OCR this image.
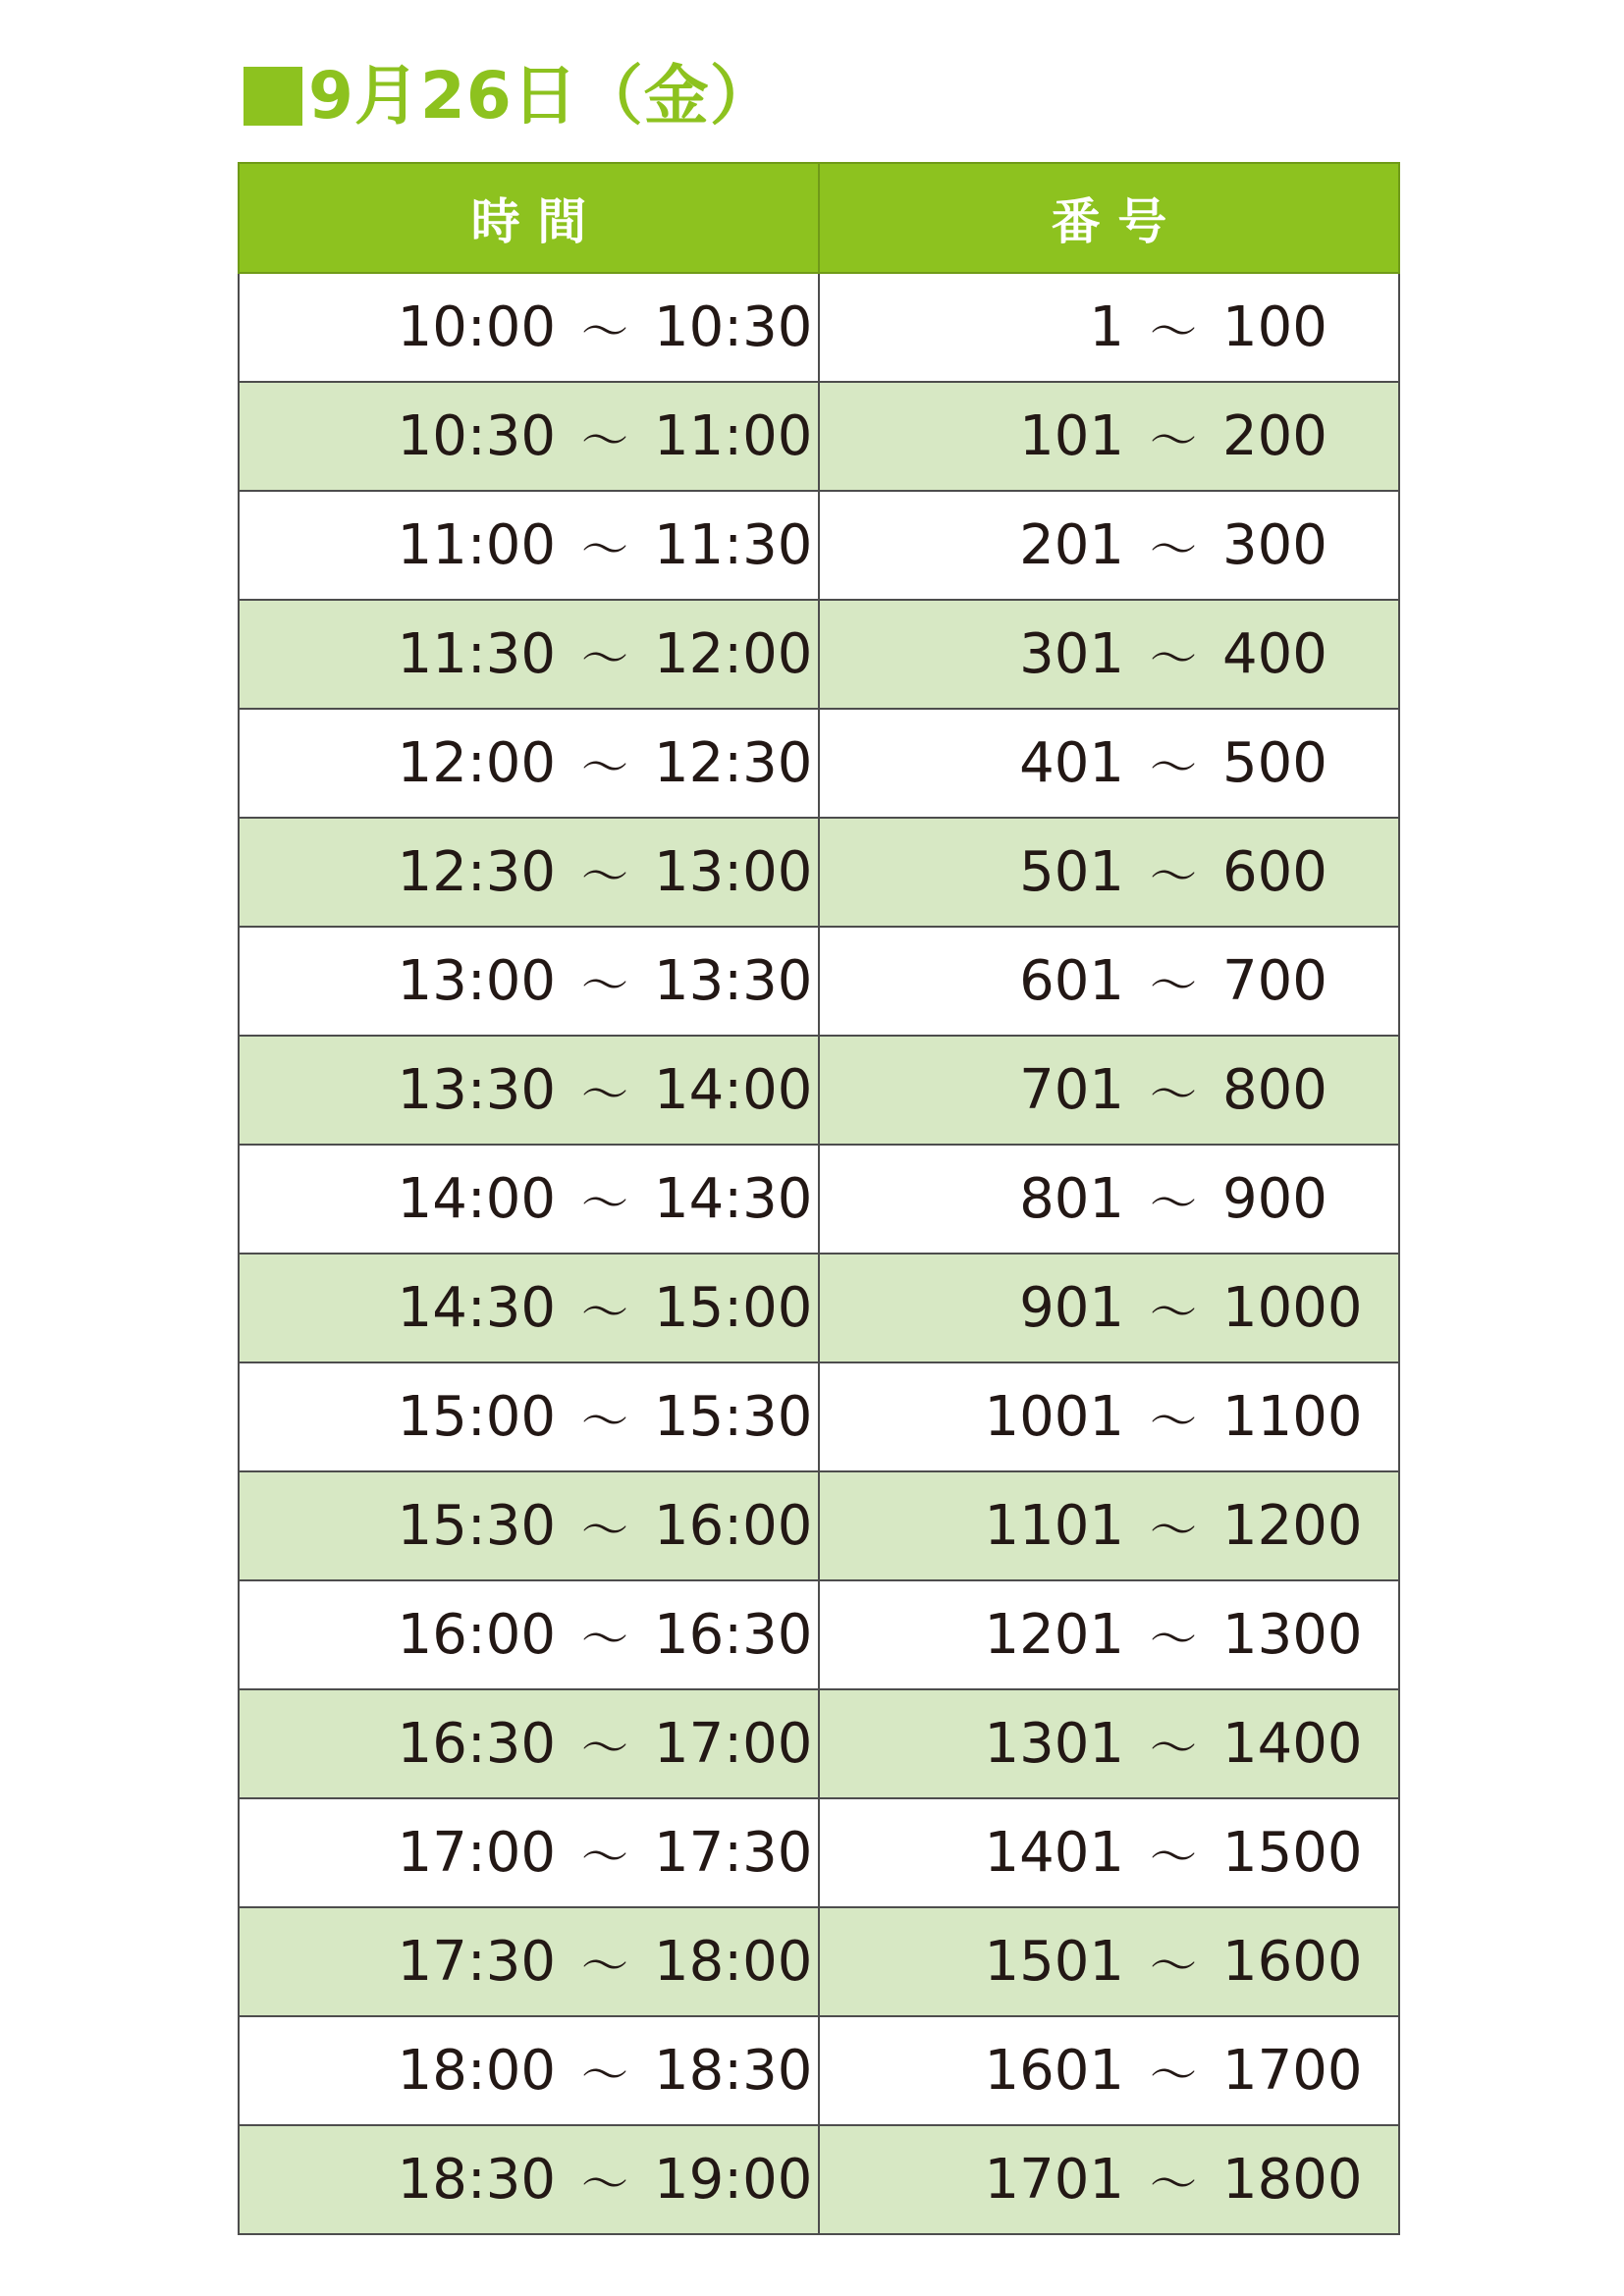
9月26日（金）
時 間	番 号

10:00 ～ 10:30	1 ～ 100

10:30 ～ 11:00	101 ～ 200

11:00 ～ 11:30	201 ～ 300

11:30 ～ 12:00	301 ～ 400

12:00 ～ 12:30	401 ～ 500

12:30 ～ 13:00	501 ～ 600

13:00 ～ 13:30	601 ～ 700

13:30 ～ 14:00	701 ～ 800

14:00 ～ 14:30	801 ～ 900

14:30 ～ 15:00	901 ～ 1000

15:00 ～ 15:30	1001 ～ 1100

15:30 ～ 16:00	1101 ～ 1200

16:00 ～ 16:30	1201 ～ 1300

16:30 ～ 17:00	1301 ～ 1400

17:00 ～ 17:30	1401 ～ 1500

17:30 ～ 18:00	1501 ～ 1600

18:00 ～ 18:30	1601 ～ 1700

18:30 ～ 19:00	1701 ～ 1800
